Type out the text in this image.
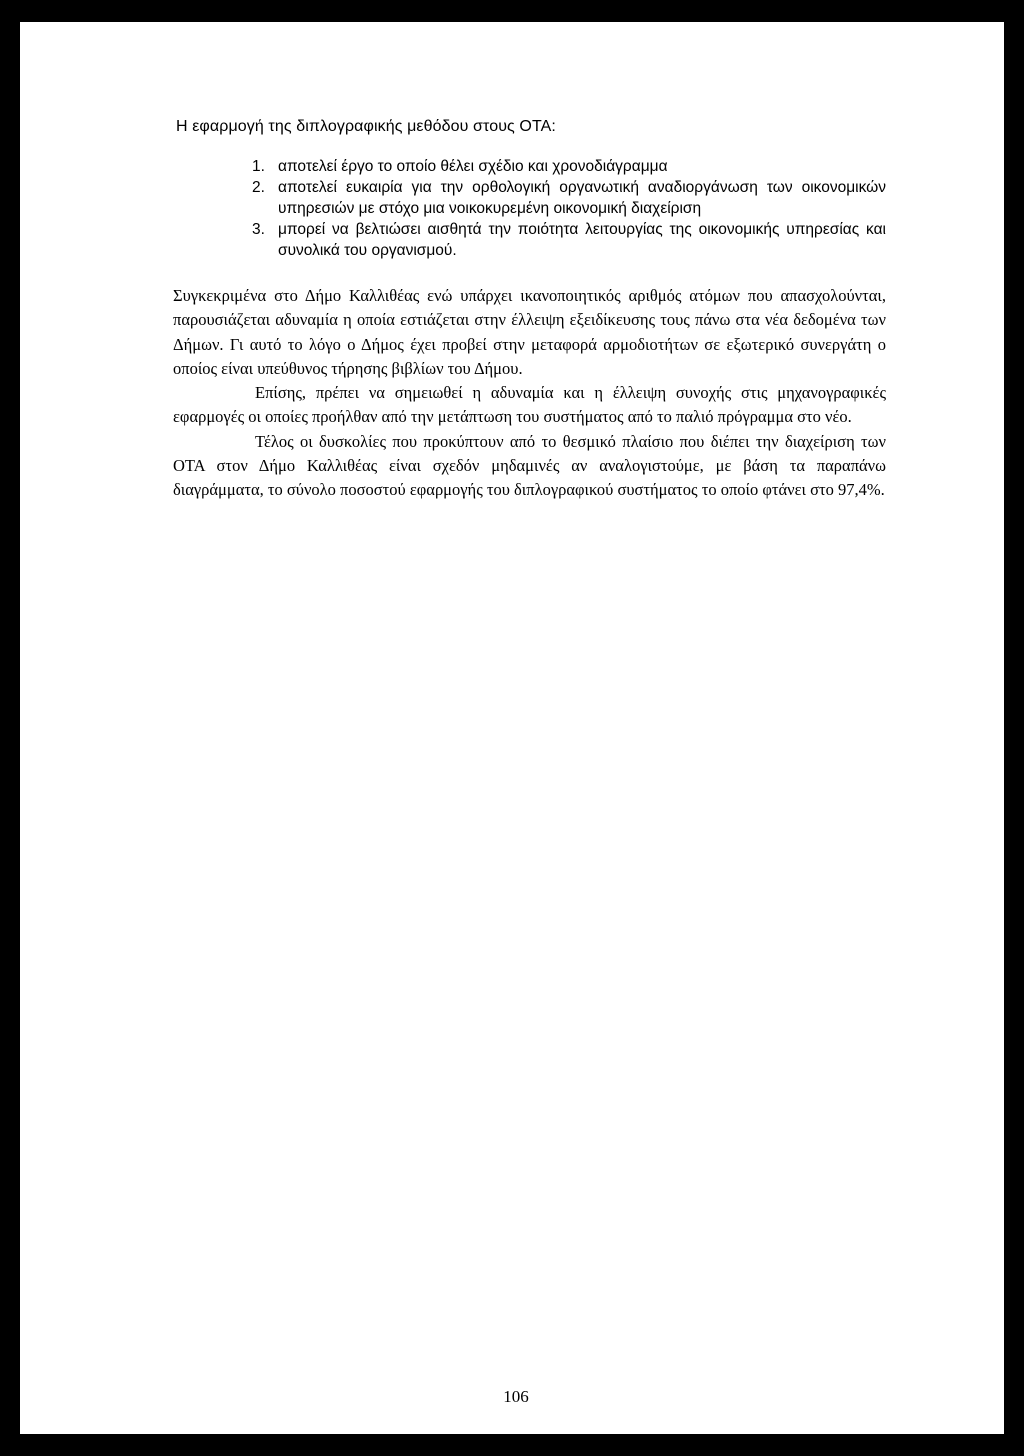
Η εφαρμογή της διπλογραφικής μεθόδου στους ΟΤΑ:

1. αποτελεί έργο το οποίο θέλει σχέδιο και χρονοδιάγραμμα
2. αποτελεί ευκαιρία για την ορθολογική οργανωτική αναδιοργάνωση των οικονομικών υπηρεσιών με στόχο μια νοικοκυρεμένη οικονομική διαχείριση
3. μπορεί να βελτιώσει αισθητά την ποιότητα λειτουργίας της οικονομικής υπηρεσίας και συνολικά του οργανισμού.

Συγκεκριμένα στο Δήμο Καλλιθέας ενώ υπάρχει ικανοποιητικός αριθμός ατόμων που απασχολούνται, παρουσιάζεται αδυναμία η οποία εστιάζεται στην έλλειψη εξειδίκευσης τους πάνω στα νέα δεδομένα των Δήμων. Γι αυτό το λόγο ο Δήμος έχει προβεί στην μεταφορά αρμοδιοτήτων σε εξωτερικό συνεργάτη ο οποίος είναι υπεύθυνος τήρησης βιβλίων του Δήμου.

Επίσης, πρέπει να σημειωθεί η αδυναμία και η έλλειψη συνοχής στις μηχανογραφικές εφαρμογές οι οποίες προήλθαν από την μετάπτωση του συστήματος από το παλιό πρόγραμμα στο νέο.

Τέλος οι δυσκολίες που προκύπτουν από το θεσμικό πλαίσιο που διέπει την διαχείριση των ΟΤΑ στον Δήμο Καλλιθέας είναι σχεδόν μηδαμινές αν αναλογιστούμε, με βάση τα παραπάνω διαγράμματα, το σύνολο ποσοστού εφαρμογής του διπλογραφικού συστήματος το οποίο φτάνει στο 97,4%.

106
